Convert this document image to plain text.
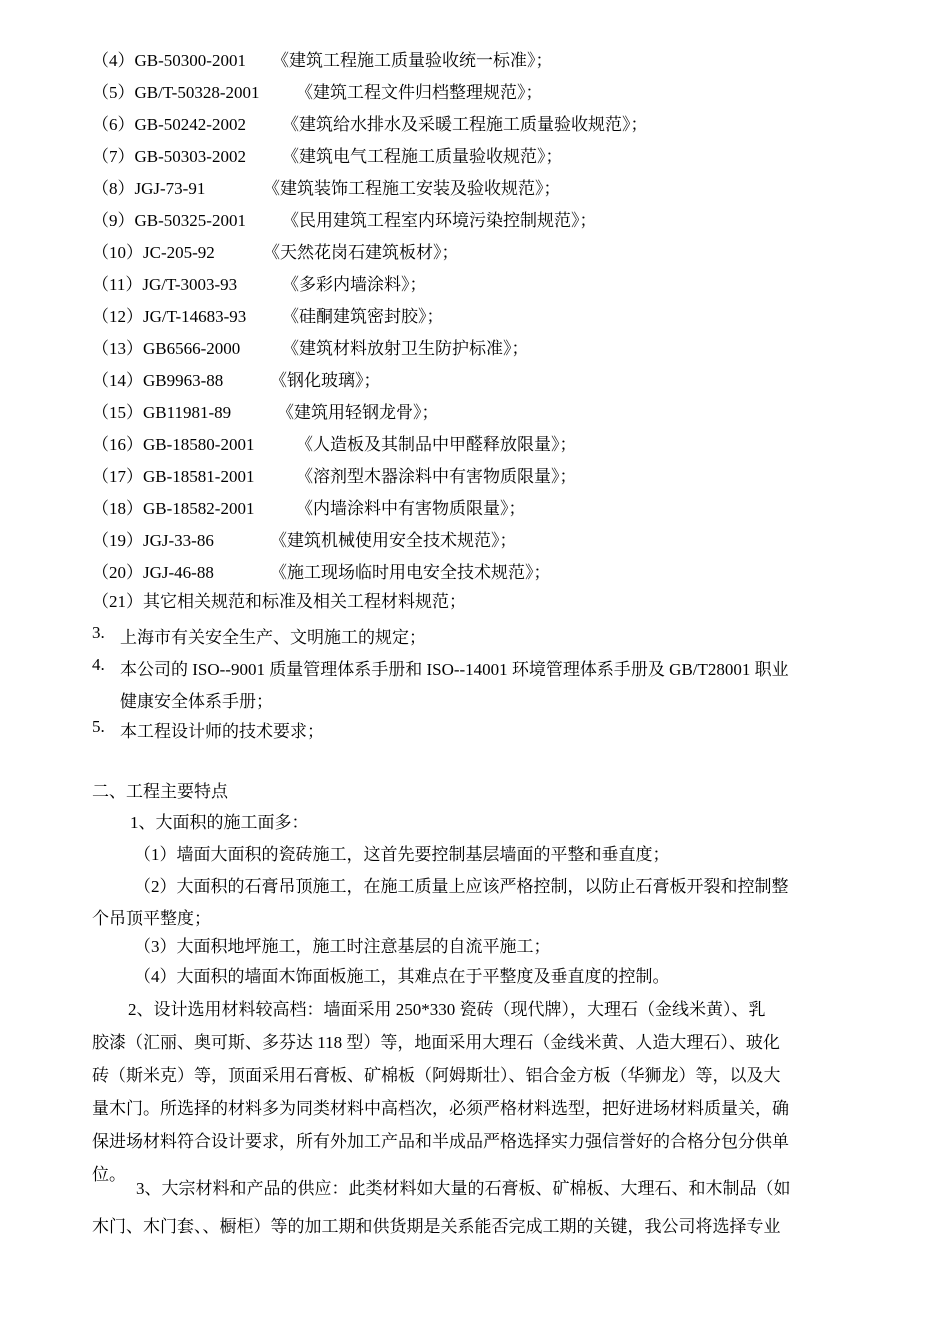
（4）GB-50300-2001 《建筑工程施工质量验收统一标准》；
（5）GB/T-50328-2001 《建筑工程文件归档整理规范》；
（6）GB-50242-2002 《建筑给水排水及采暖工程施工质量验收规范》；
（7）GB-50303-2002 《建筑电气工程施工质量验收规范》；
（8）JGJ-73-91	《建筑装饰工程施工安装及验收规范》；
（9）GB-50325-2001 《民用建筑工程室内环境污染控制规范》；
（10）JC-205-92	《天然花岗石建筑板材》；
（11）JG/T-3003-93	《多彩内墙涂料》；
（12）JG/T-14683-93 《硅酮建筑密封胶》；
（13）GB6566-2000 《建筑材料放射卫生防护标准》；
（14）GB9963-88	《钢化玻璃》；
（15）GB11981-89	《建筑用轻钢龙骨》；
（16）GB-18580-2001 《人造板及其制品中甲醛释放限量》；
（17）GB-18581-2001 《溶剂型木器涂料中有害物质限量》；
（18）GB-18582-2001 《内墙涂料中有害物质限量》；
（19）JGJ-33-86	《建筑机械使用安全技术规范》；
（20）JGJ-46-88	《施工现场临时用电安全技术规范》；
（21）其它相关规范和标准及相关工程材料规范；
3. 上海市有关安全生产、文明施工的规定；
4. 本公司的 ISO--9001 质量管理体系手册和 ISO--14001 环境管理体系手册及 GB/T28001 职业
健康安全体系手册；
5. 本工程设计师的技术要求；
二、工程主要特点
1、大面积的施工面多：
（1）墙面大面积的瓷砖施工，这首先要控制基层墙面的平整和垂直度；
（2）大面积的石膏吊顶施工，在施工质量上应该严格控制，以防止石膏板开裂和控制整
个吊顶平整度；
（3）大面积地坪施工，施工时注意基层的自流平施工；
（4）大面积的墙面木饰面板施工，其难点在于平整度及垂直度的控制。
2、设计选用材料较高档：墙面采用 250*330 瓷砖（现代牌），大理石（金线米黄）、乳
胶漆（汇丽、奥可斯、多芬达 118 型）等，地面采用大理石（金线米黄、人造大理石）、玻化
砖（斯米克）等，顶面采用石膏板、矿棉板（阿姆斯壮）、铝合金方板（华狮龙）等，以及大
量木门。所选择的材料多为同类材料中高档次，必须严格材料选型，把好进场材料质量关，确
保进场材料符合设计要求，所有外加工产品和半成品严格选择实力强信誉好的合格分包分供单
位。
3、大宗材料和产品的供应：此类材料如大量的石膏板、矿棉板、大理石、和木制品（如
木门、木门套、、橱柜）等的加工期和供货期是关系能否完成工期的关键，我公司将选择专业
